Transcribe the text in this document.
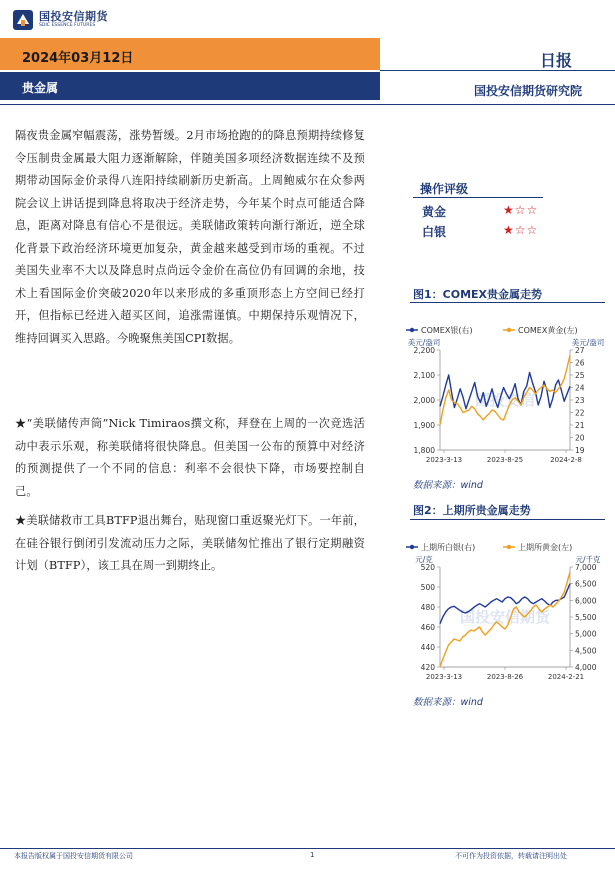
国投安信期货
SDIC ESSENCE FUTURES
2024年03月12日	日报
贵金属	国投安信期货研究院
隔夜贵金属窄幅震荡，涨势暂缓。2月市场抢跑的的降息预期持续修复令压制贵金属最大阻力逐渐解除，伴随美国多项经济数据连续不及预期带动国际金价录得八连阳持续刷新历史新高。上周鲍威尔在众参两院会议上讲话提到降息将取决于经济走势，今年某个时点可能适合降息，距离对降息有信心不是很远。美联储政策转向渐行渐近，逆全球化背景下政治经济环境更加复杂，黄金越来越受到市场的重视。不过美国失业率不大以及降息时点尚远令金价在高位仍有回调的余地，技术上看国际金价突破2020年以来形成的多重顶形态上方空间已经打开，但指标已经进入超买区间，追涨需谨慎。中期保持乐观情况下，维持回调买入思路。今晚聚焦美国CPI数据。
★“美联储传声筒”Nick Timiraos撰文称，拜登在上周的一次竞选活动中表示乐观，称美联储将很快降息。但美国一公布的预算中对经济的预测提供了一个不同的信息：利率不会很快下降，市场要控制自己。
★美联储救市工具BTFP退出舞台，贴现窗口重返聚光灯下。一年前，在硅谷银行倒闭引发流动压力之际，美联储匆忙推出了银行定期融资计划（BTFP），该工具在周一到期终止。
操作评级
黄金	★☆☆
白银	★☆☆
图1：COMEX贵金属走势
国投安信
COMEX银(右)	COMEX黄金(左)
美元/盎司	美元/盎司
1,800
1,900
2,000
2,100
2,200
19
20
21
22
23
24
25
26
27
2023-3-13	2023-8-25	2024-2-8
数据来源：wind
图2：上期所贵金属走势
国投安信期货
上期所白银(右)	上期所黄金(左)
元/克	元/千克
420
440
460
480
500
520
4,000
4,500
5,000
5,500
6,000
6,500
7,000
2023-3-13	2023-8-26	2024-2-21
数据来源：wind
本报告版权属于国投安信期货有限公司	1	不可作为投资依据，转载请注明出处
